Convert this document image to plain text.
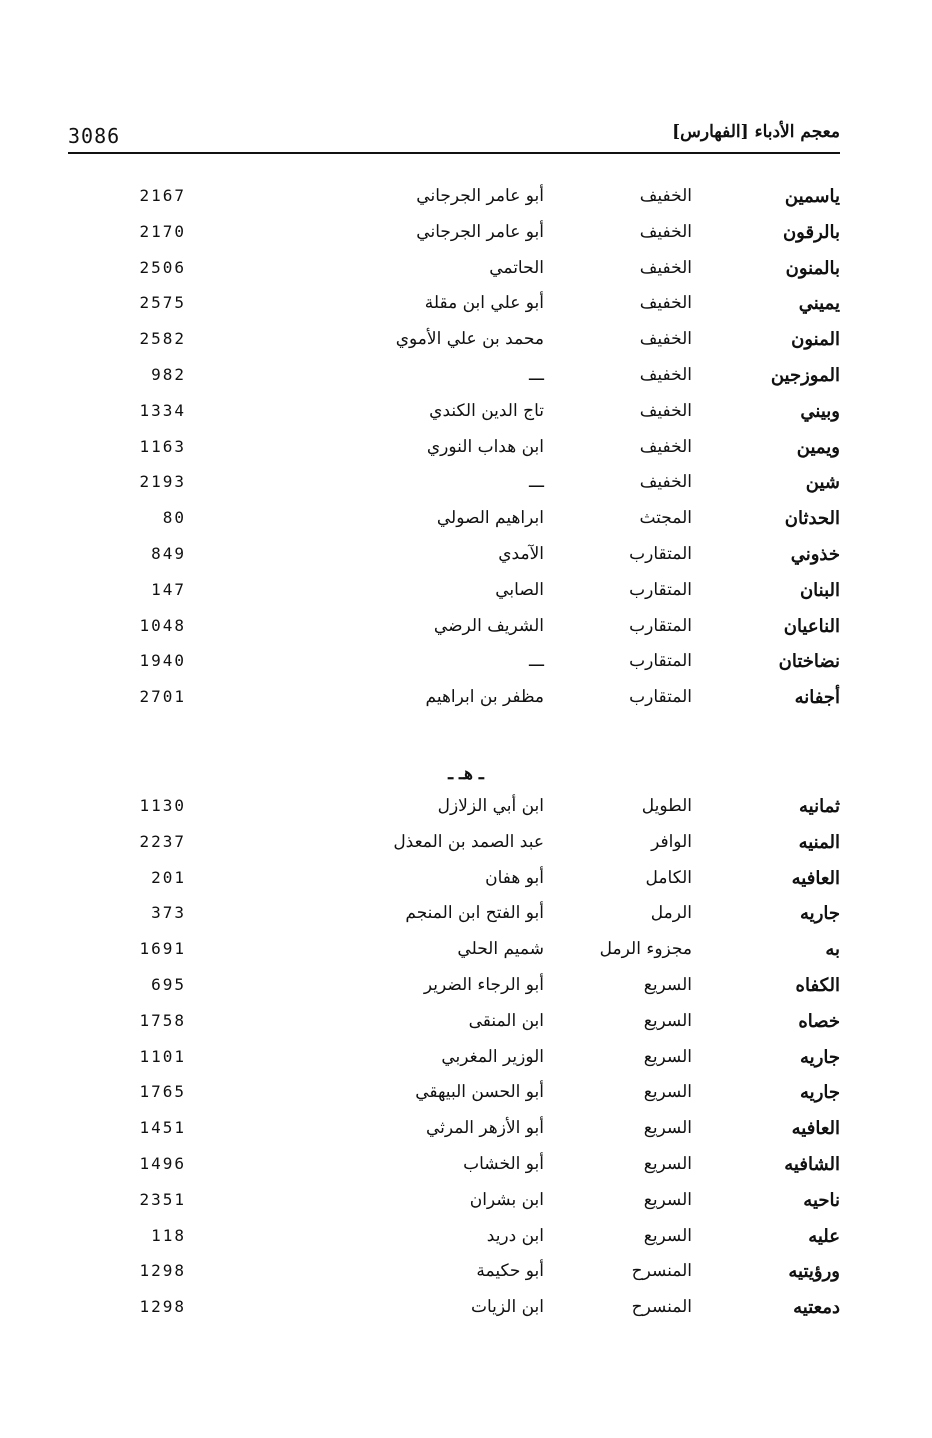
3086	معجم الأدباء [الفهارس]
ياسمين
الخفيف
أبو عامر الجرجاني
2167
بالرقون
الخفيف
أبو عامر الجرجاني
2170
بالمنون
الخفيف
الحاتمي
2506
يميني
الخفيف
أبو علي ابن مقلة
2575
المنون
الخفيف
محمد بن علي الأموي
2582
الموزجين
الخفيف
ـــ
982
وبيني
الخفيف
تاج الدين الكندي
1334
ويمين
الخفيف
ابن هداب النوري
1163
شين
الخفيف
ـــ
2193
الحدثان
المجتث
ابراهيم الصولي
80
خذوني
المتقارب
الآمدي
849
البنان
المتقارب
الصابي
147
الناعيان
المتقارب
الشريف الرضي
1048
نضاختان
المتقارب
ـــ
1940
أجفانه
المتقارب
مظفر بن ابراهيم
2701
ـ هـ ـ
ثمانيه
الطويل
ابن أبي الزلازل
1130
المنيه
الوافر
عبد الصمد بن المعذل
2237
العافيه
الكامل
أبو هفان
201
جاريه
الرمل
أبو الفتح ابن المنجم
373
به
مجزوء الرمل
شميم الحلي
1691
الكفاه
السريع
أبو الرجاء الضرير
695
خصاه
السريع
ابن المنقى
1758
جاريه
السريع
الوزير المغربي
1101
جاريه
السريع
أبو الحسن البيهقي
1765
العافيه
السريع
أبو الأزهر المرثي
1451
الشافيه
السريع
أبو الخشاب
1496
ناحيه
السريع
ابن بشران
2351
عليه
السريع
ابن دريد
118
ورؤيتيه
المنسرح
أبو حكيمة
1298
دمعتيه
المنسرح
ابن الزيات
1298
